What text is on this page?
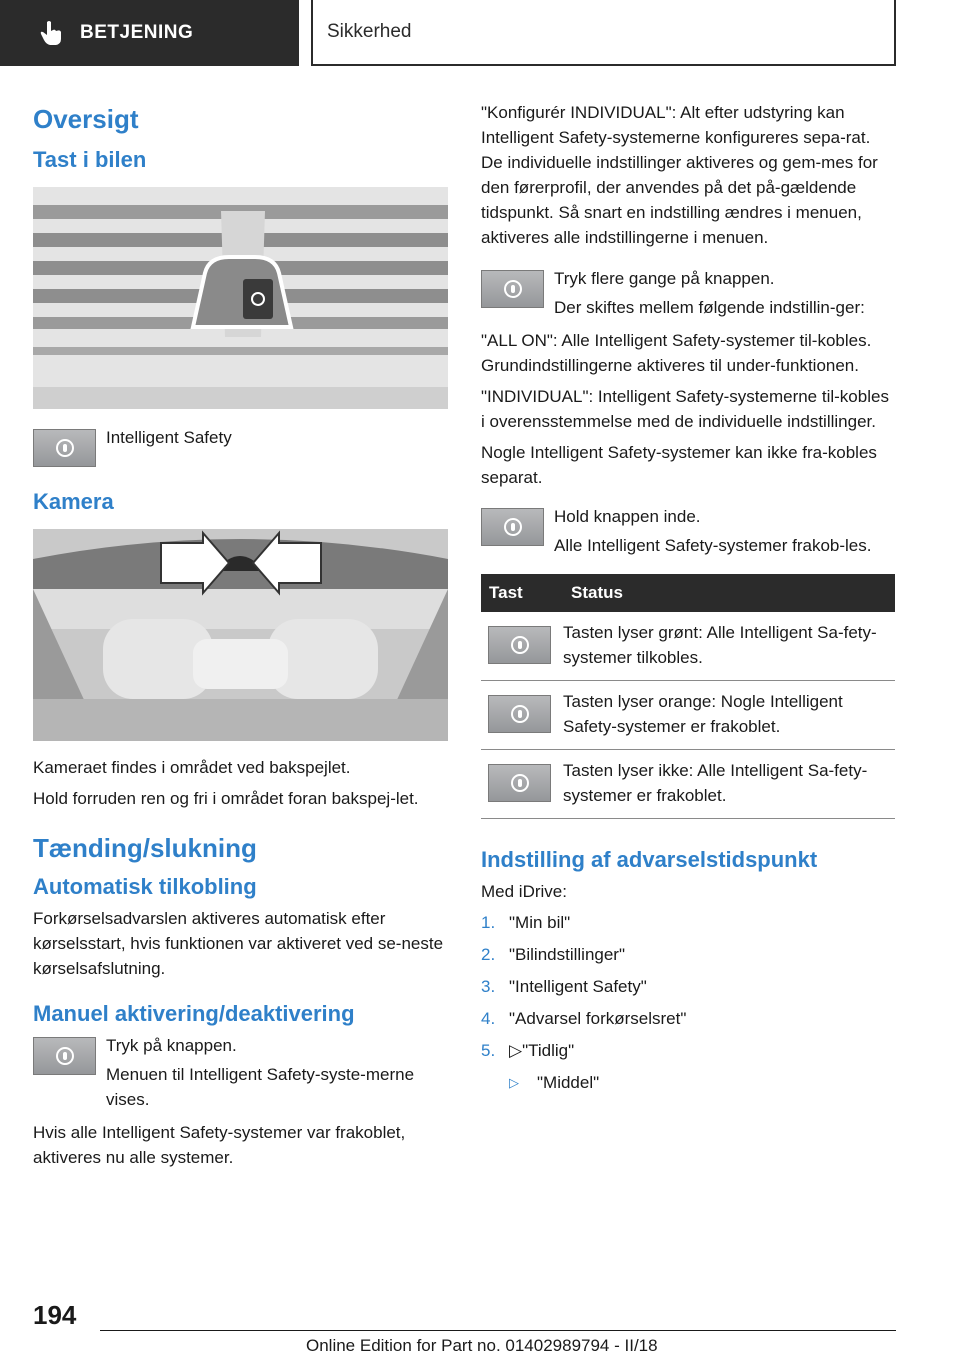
BETJENING	Sikkerhed
Oversigt
Tast i bilen

Intelligent Safety

Kamera

Kameraet findes i området ved bakspejlet.

Hold forruden ren og fri i området foran bakspej-let.

Tænding/slukning
Automatisk tilkobling

Forkørselsadvarslen aktiveres automatisk efter kørselsstart, hvis funktionen var aktiveret ved se-neste kørselsafslutning.

Manuel aktivering/deaktivering

Tryk på knappen.

Menuen til Intelligent Safety-syste-merne vises.

Hvis alle Intelligent Safety-systemer var frakoblet, aktiveres nu alle systemer.

"Konfigurér INDIVIDUAL": Alt efter udstyring kan Intelligent Safety-systemerne konfigureres sepa-rat. De individuelle indstillinger aktiveres og gem-mes for den førerprofil, der anvendes på det på-gældende tidspunkt. Så snart en indstilling ændres i menuen, aktiveres alle indstillingerne i menuen.

Tryk flere gange på knappen.

Der skiftes mellem følgende indstillin-ger:

"ALL ON": Alle Intelligent Safety-systemer til-kobles. Grundindstillingerne aktiveres til under-funktionen.

"INDIVIDUAL": Intelligent Safety-systemerne til-kobles i overensstemmelse med de individuelle indstillinger.

Nogle Intelligent Safety-systemer kan ikke fra-kobles separat.

Hold knappen inde.

Alle Intelligent Safety-systemer frakob-les.

Tast	Status

	Tasten lyser grønt: Alle Intelligent Sa-fety-systemer tilkobles.

	Tasten lyser orange: Nogle Intelligent Safety-systemer er frakoblet.

	Tasten lyser ikke: Alle Intelligent Sa-fety-systemer er frakoblet.
Indstilling af advarselstidspunkt

Med iDrive:

1. "Min bil"
2. "Bilindstillinger"
3. "Intelligent Safety"
4. "Advarsel forkørselsret"
5. ▷ "Tidlig"
▷	"Middel"
194
Online Edition for Part no. 01402989794 - II/18
